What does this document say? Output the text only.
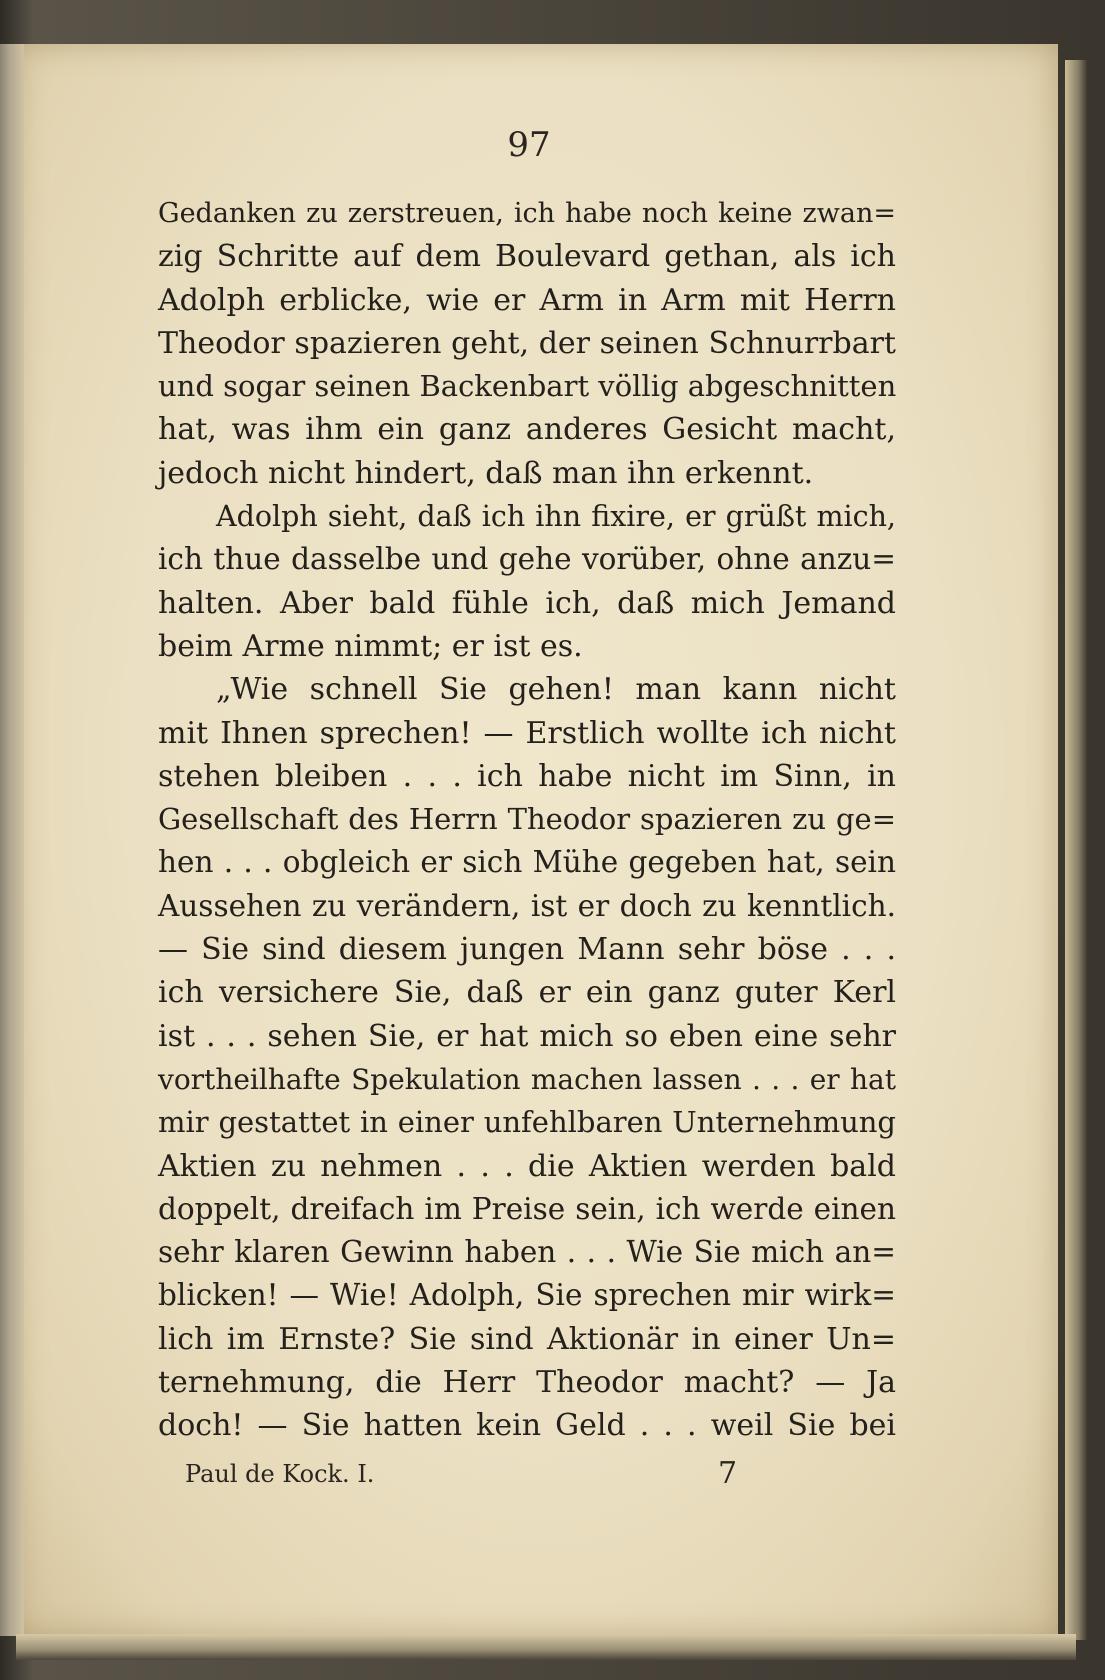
97
Gedanken zu zerstreuen, ich habe noch keine zwan=
zig Schritte auf dem Boulevard gethan, als ich
Adolph erblicke, wie er Arm in Arm mit Herrn
Theodor spazieren geht, der seinen Schnurrbart
und sogar seinen Backenbart völlig abgeschnitten
hat, was ihm ein ganz anderes Gesicht macht,
jedoch nicht hindert, daß man ihn erkennt.
Adolph sieht, daß ich ihn fixire, er grüßt mich,
ich thue dasselbe und gehe vorüber, ohne anzu=
halten. Aber bald fühle ich, daß mich Jemand
beim Arme nimmt; er ist es.
„Wie schnell Sie gehen! man kann nicht
mit Ihnen sprechen! — Erstlich wollte ich nicht
stehen bleiben . . . ich habe nicht im Sinn, in
Gesellschaft des Herrn Theodor spazieren zu ge=
hen . . . obgleich er sich Mühe gegeben hat, sein
Aussehen zu verändern, ist er doch zu kenntlich.
— Sie sind diesem jungen Mann sehr böse . . .
ich versichere Sie, daß er ein ganz guter Kerl
ist . . . sehen Sie, er hat mich so eben eine sehr
vortheilhafte Spekulation machen lassen . . . er hat
mir gestattet in einer unfehlbaren Unternehmung
Aktien zu nehmen . . . die Aktien werden bald
doppelt, dreifach im Preise sein, ich werde einen
sehr klaren Gewinn haben . . . Wie Sie mich an=
blicken! — Wie! Adolph, Sie sprechen mir wirk=
lich im Ernste? Sie sind Aktionär in einer Un=
ternehmung, die Herr Theodor macht? — Ja
doch! — Sie hatten kein Geld . . . weil Sie bei
Paul de Kock. I.	7
